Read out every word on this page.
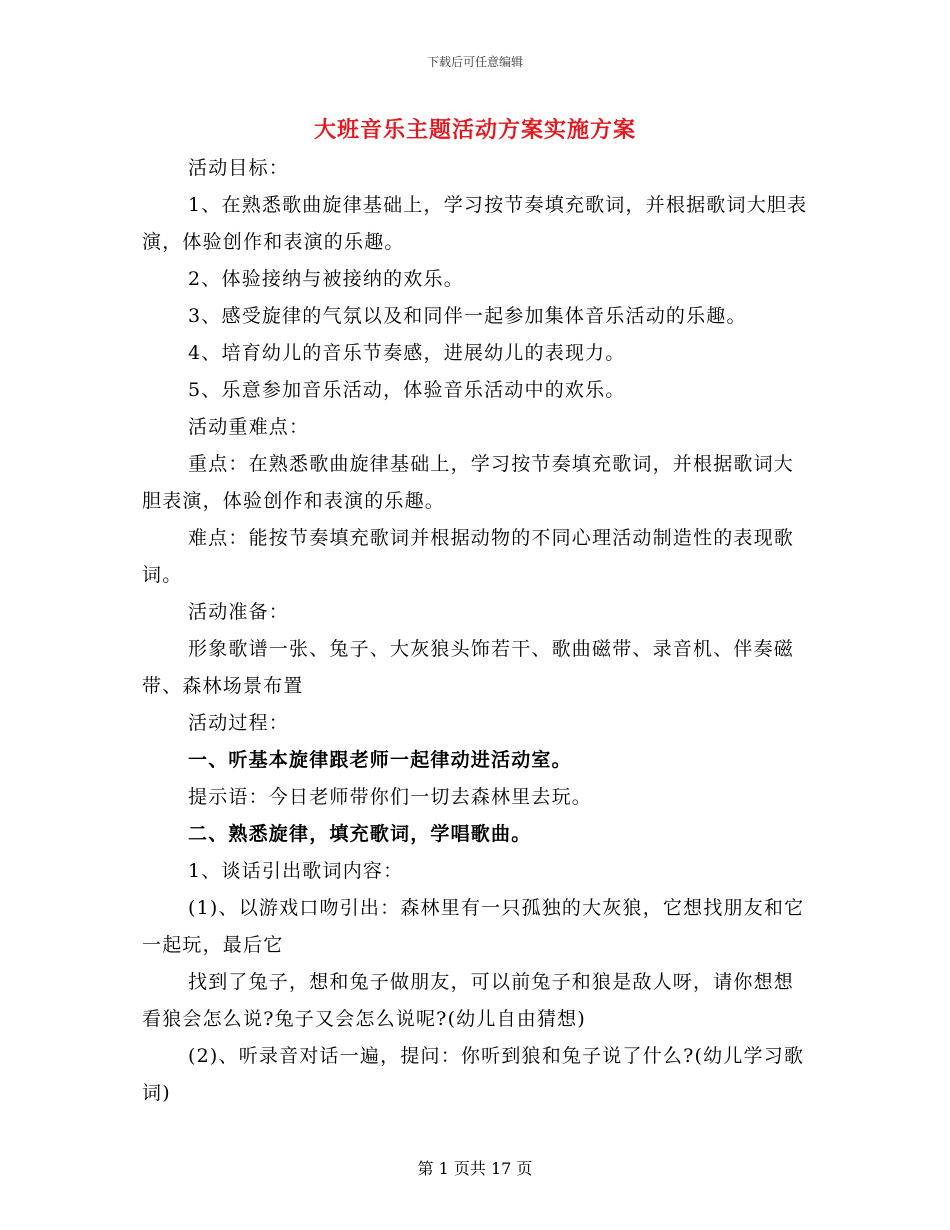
下载后可任意编辑
大班音乐主题活动方案实施方案

活动目标：

1、在熟悉歌曲旋律基础上，学习按节奏填充歌词，并根据歌词大胆表演，体验创作和表演的乐趣。

2、体验接纳与被接纳的欢乐。

3、感受旋律的气氛以及和同伴一起参加集体音乐活动的乐趣。

4、培育幼儿的音乐节奏感，进展幼儿的表现力。

5、乐意参加音乐活动，体验音乐活动中的欢乐。

活动重难点：

重点：在熟悉歌曲旋律基础上，学习按节奏填充歌词，并根据歌词大胆表演，体验创作和表演的乐趣。

难点：能按节奏填充歌词并根据动物的不同心理活动制造性的表现歌词。

活动准备：

形象歌谱一张、兔子、大灰狼头饰若干、歌曲磁带、录音机、伴奏磁带、森林场景布置

活动过程：

一、听基本旋律跟老师一起律动进活动室。

提示语：今日老师带你们一切去森林里去玩。

二、熟悉旋律，填充歌词，学唱歌曲。

1、谈话引出歌词内容：

(1)、以游戏口吻引出：森林里有一只孤独的大灰狼，它想找朋友和它一起玩，最后它

找到了兔子，想和兔子做朋友，可以前兔子和狼是敌人呀，请你想想看狼会怎么说?兔子又会怎么说呢?(幼儿自由猜想)

(2)、听录音对话一遍，提问：你听到狼和兔子说了什么?(幼儿学习歌词)

第 1 页共 17 页
